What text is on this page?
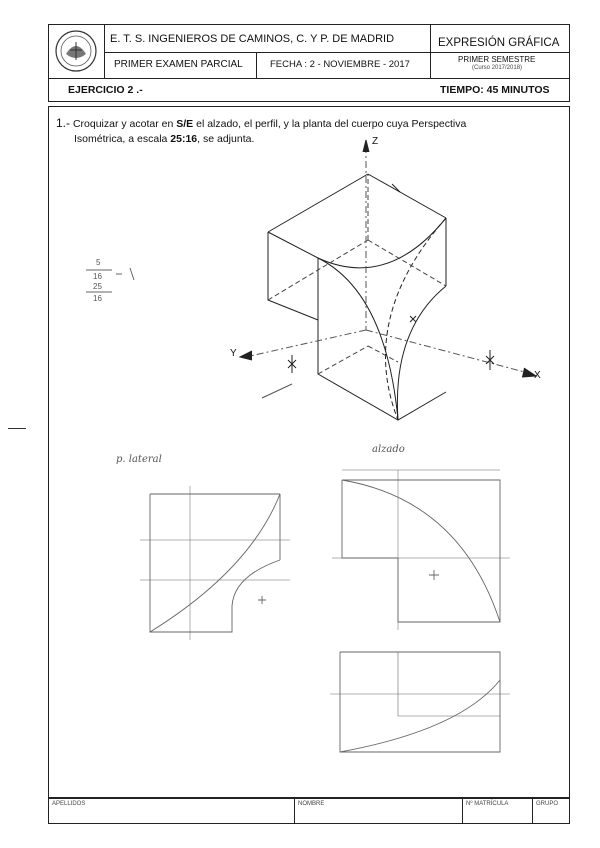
E. T. S. INGENIEROS DE CAMINOS, C. Y P. DE MADRID	EXPRESIÓN GRÁFICA
PRIMER EXAMEN PARCIAL	FECHA : 2 - NOVIEMBRE - 2017	PRIMER SEMESTRE
(Curso 2017/2018)
EJERCICIO 2 .-	TIEMPO: 45 MINUTOS
1.- Croquizar y acotar en S/E el alzado, el perfil, y la planta del cuerpo cuya Perspectiva
Isométrica, a escala 25:16, se adjunta.	Z
Y
X
p. lateral
alzado
5
16
25
16
APELLIDOS	NOMBRE	Nº MATRÍCULA	GRUPO
